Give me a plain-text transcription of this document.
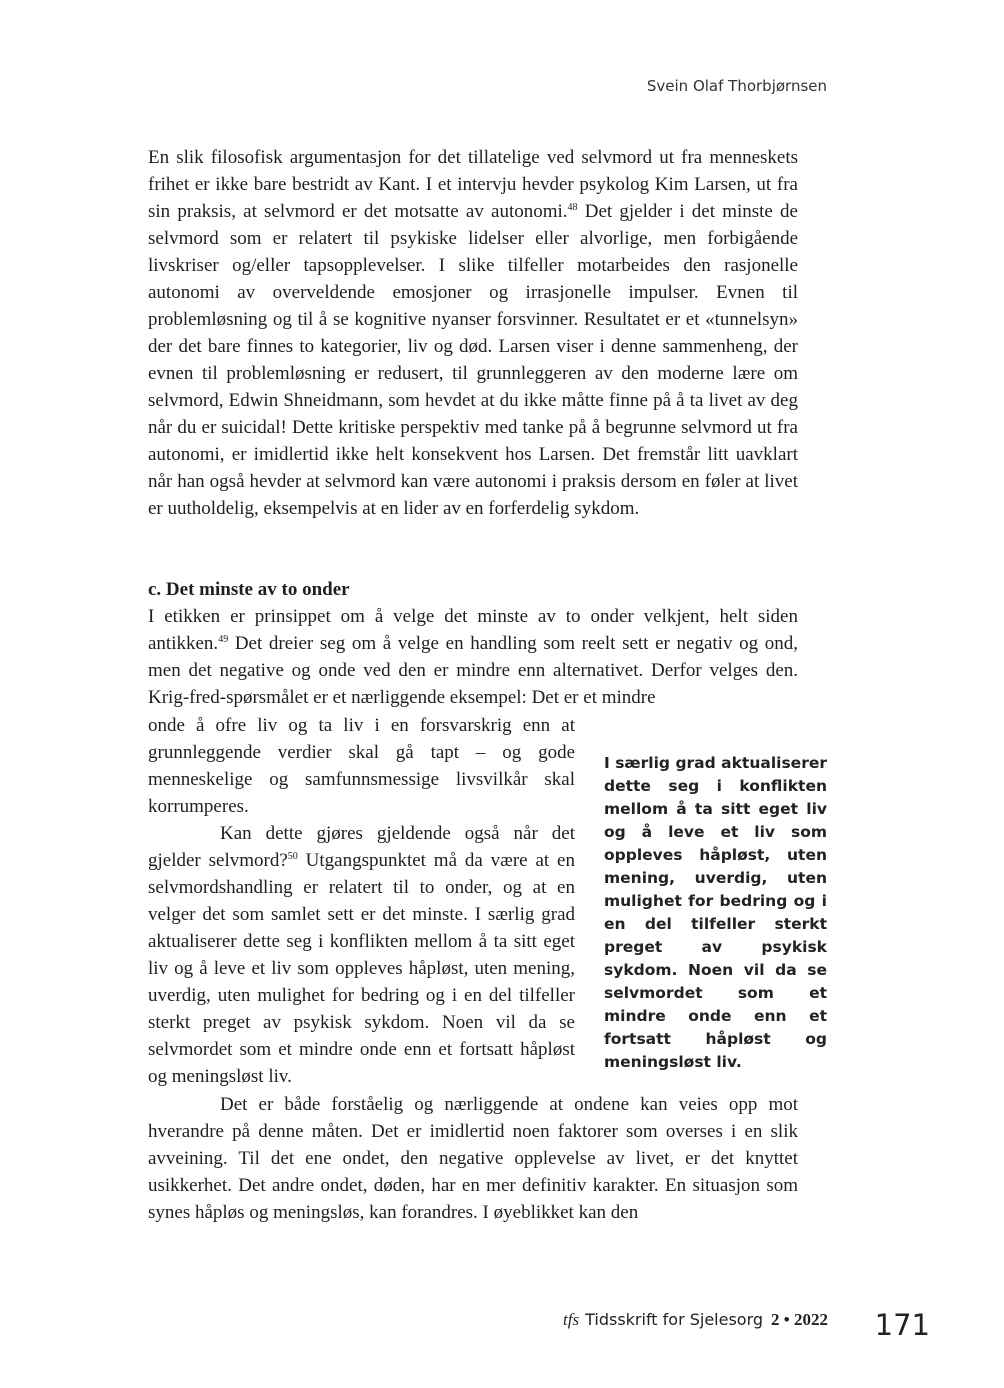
Svein Olaf Thorbjørnsen

En slik filosofisk argumentasjon for det tillatelige ved selvmord ut fra menneskets frihet er ikke bare bestridt av Kant. I et intervju hevder psykolog Kim Larsen, ut fra sin praksis, at selvmord er det motsatte av autonomi.$^{48}$ Det gjelder i det minste de selvmord som er relatert til psykiske lidelser eller alvorlige, men forbigående livskriser og/eller tapsopplevelser. I slike tilfeller motarbeides den rasjonelle autonomi av overveldende emosjoner og irrasjonelle impulser. Evnen til problemløsning og til å se kognitive nyanser forsvinner. Resultatet er et «tunnelsyn» der det bare finnes to kategorier, liv og død. Larsen viser i denne sammenheng, der evnen til problemløsning er redusert, til grunnleggeren av den moderne lære om selvmord, Edwin Shneidmann, som hevdet at du ikke måtte finne på å ta livet av deg når du er suicidal! Dette kritiske perspektiv med tanke på å begrunne selvmord ut fra autonomi, er imidlertid ikke helt konsekvent hos Larsen. Det fremstår litt uavklart når han også hevder at selvmord kan være autonomi i praksis dersom en føler at livet er uutholdelig, eksempelvis at en lider av en forferdelig sykdom.

c. Det minste av to onder

I etikken er prinsippet om å velge det minste av to onder velkjent, helt siden antikken.$^{49}$ Det dreier seg om å velge en handling som reelt sett er negativ og ond, men det negative og onde ved den er mindre enn alternativet. Derfor velges den. Krig-fred-spørsmålet er et nærliggende eksempel: Det er et mindre

onde å ofre liv og ta liv i en forsvarskrig enn at grunnleggende verdier skal gå tapt – og gode menneskelige og samfunnsmessige livsvilkår skal korrumperes.

Kan dette gjøres gjeldende også når det gjelder selvmord?$^{50}$ Utgangspunktet må da være at en selvmordshandling er relatert til to onder, og at en velger det som samlet sett er det minste. I særlig grad aktualiserer dette seg i konflikten mellom å ta sitt eget liv og å leve et liv som oppleves håpløst, uten mening, uverdig, uten mulighet for bedring og i en del tilfeller sterkt preget av psykisk sykdom. Noen vil da se selvmordet som et mindre onde enn et fortsatt håpløst og meningsløst liv.

I særlig grad aktualiserer dette seg i konflikten mellom å ta sitt eget liv og å leve et liv som oppleves håpløst, uten mening, uverdig, uten mulighet for bedring og i en del tilfeller sterkt preget av psykisk sykdom. Noen vil da se selvmordet som et mindre onde enn et fortsatt håpløst og meningsløst liv.

Det er både forståelig og nærliggende at ondene kan veies opp mot hverandre på denne måten. Det er imidlertid noen faktorer som overses i en slik avveining. Til det ene ondet, den negative opplevelse av livet, er det knyttet usikkerhet. Det andre ondet, døden, har en mer definitiv karakter. En situasjon som synes håpløs og meningsløs, kan forandres. I øyeblikket kan den

tfs Tidsskrift for Sjelesorg 2 • 2022 171
